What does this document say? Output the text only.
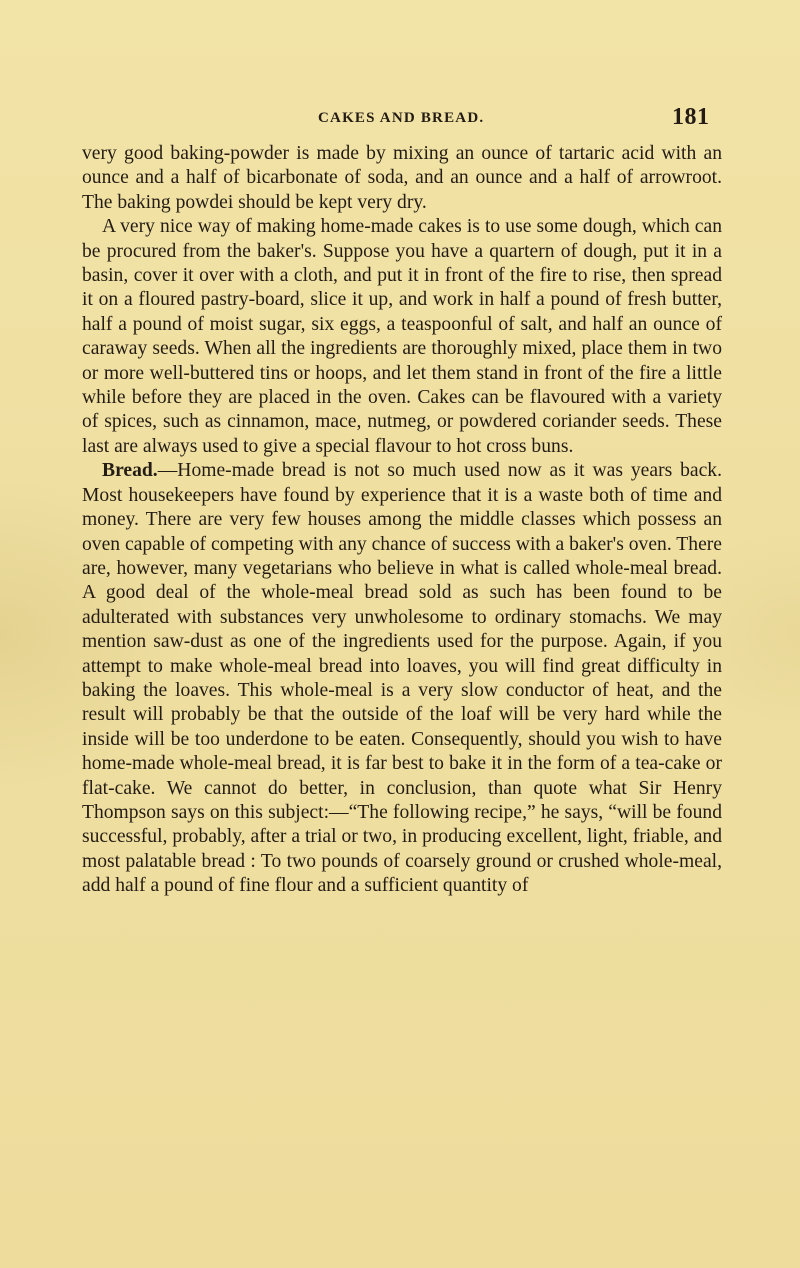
CAKES AND BREAD.	181

very good baking-powder is made by mixing an ounce of tartaric acid with an ounce and a half of bicarbonate of soda, and an ounce and a half of arrowroot. The baking powdei should be kept very dry.

A very nice way of making home-made cakes is to use some dough, which can be procured from the baker's. Suppose you have a quartern of dough, put it in a basin, cover it over with a cloth, and put it in front of the fire to rise, then spread it on a floured pastry-board, slice it up, and work in half a pound of fresh butter, half a pound of moist sugar, six eggs, a teaspoonful of salt, and half an ounce of caraway seeds. When all the ingredients are thoroughly mixed, place them in two or more well-buttered tins or hoops, and let them stand in front of the fire a little while before they are placed in the oven. Cakes can be flavoured with a variety of spices, such as cinnamon, mace, nutmeg, or powdered coriander seeds. These last are always used to give a special flavour to hot cross buns.

Bread.—Home-made bread is not so much used now as it was years back. Most housekeepers have found by experience that it is a waste both of time and money. There are very few houses among the middle classes which possess an oven capable of competing with any chance of success with a baker's oven. There are, however, many vegetarians who believe in what is called whole-meal bread. A good deal of the whole-meal bread sold as such has been found to be adulterated with substances very unwholesome to ordinary stomachs. We may mention saw-dust as one of the ingredients used for the purpose. Again, if you attempt to make whole-meal bread into loaves, you will find great difficulty in baking the loaves. This whole-meal is a very slow conductor of heat, and the result will probably be that the outside of the loaf will be very hard while the inside will be too underdone to be eaten. Consequently, should you wish to have home-made whole-meal bread, it is far best to bake it in the form of a tea-cake or flat-cake. We cannot do better, in conclusion, than quote what Sir Henry Thompson says on this subject:—“The following recipe,” he says, “will be found successful, probably, after a trial or two, in producing excellent, light, friable, and most palatable bread : To two pounds of coarsely ground or crushed whole-meal, add half a pound of fine flour and a sufficient quantity of
